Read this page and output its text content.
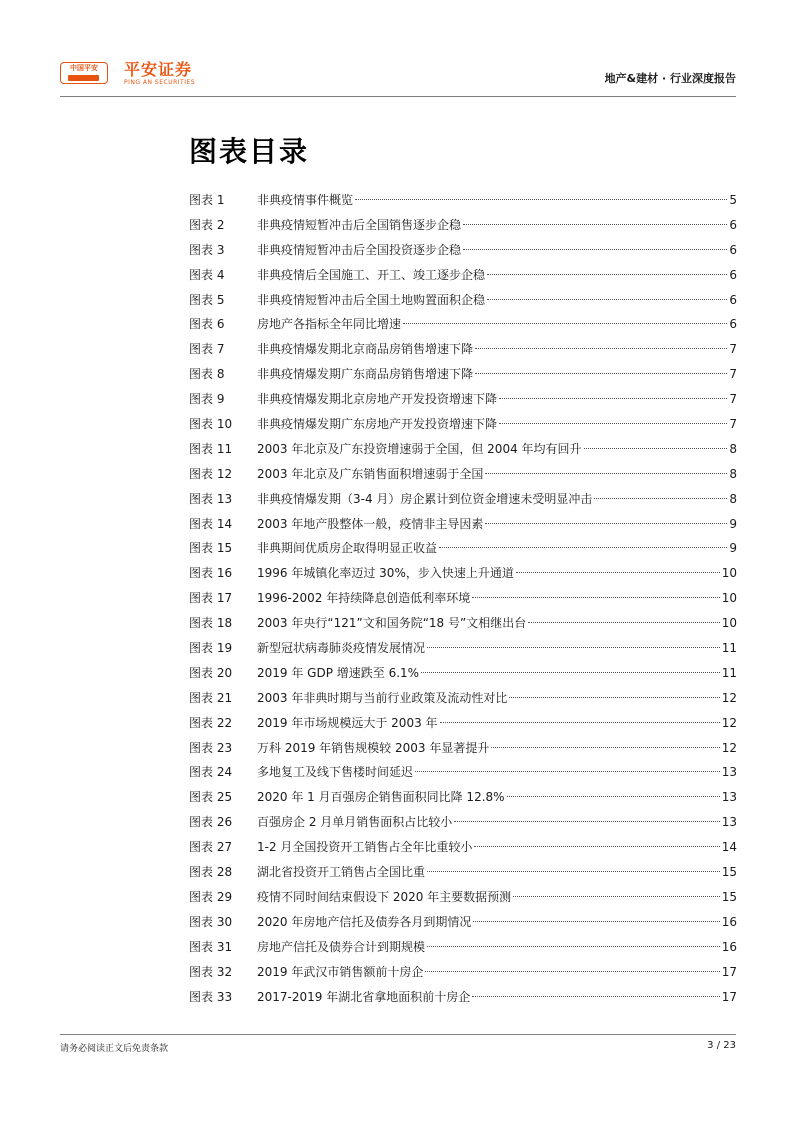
中国平安	平安证券
PING AN SECURITIES	地产&建材 · 行业深度报告
图表目录
图表 1	非典疫情事件概览	5
图表 2	非典疫情短暂冲击后全国销售逐步企稳	6
图表 3	非典疫情短暂冲击后全国投资逐步企稳	6
图表 4	非典疫情后全国施工、开工、竣工逐步企稳	6
图表 5	非典疫情短暂冲击后全国土地购置面积企稳	6
图表 6	房地产各指标全年同比增速	6
图表 7	非典疫情爆发期北京商品房销售增速下降	7
图表 8	非典疫情爆发期广东商品房销售增速下降	7
图表 9	非典疫情爆发期北京房地产开发投资增速下降	7
图表 10	非典疫情爆发期广东房地产开发投资增速下降	7
图表 11	2003 年北京及广东投资增速弱于全国，但 2004 年均有回升	8
图表 12	2003 年北京及广东销售面积增速弱于全国	8
图表 13	非典疫情爆发期（3-4 月）房企累计到位资金增速未受明显冲击	8
图表 14	2003 年地产股整体一般，疫情非主导因素	9
图表 15	非典期间优质房企取得明显正收益	9
图表 16	1996 年城镇化率迈过 30%，步入快速上升通道	10
图表 17	1996-2002 年持续降息创造低利率环境	10
图表 18	2003 年央行“121”文和国务院“18 号”文相继出台	10
图表 19	新型冠状病毒肺炎疫情发展情况	11
图表 20	2019 年 GDP 增速跌至 6.1%	11
图表 21	2003 年非典时期与当前行业政策及流动性对比	12
图表 22	2019 年市场规模远大于 2003 年	12
图表 23	万科 2019 年销售规模较 2003 年显著提升	12
图表 24	多地复工及线下售楼时间延迟	13
图表 25	2020 年 1 月百强房企销售面积同比降 12.8%	13
图表 26	百强房企 2 月单月销售面积占比较小	13
图表 27	1-2 月全国投资开工销售占全年比重较小	14
图表 28	湖北省投资开工销售占全国比重	15
图表 29	疫情不同时间结束假设下 2020 年主要数据预测	15
图表 30	2020 年房地产信托及债券各月到期情况	16
图表 31	房地产信托及债券合计到期规模	16
图表 32	2019 年武汉市销售额前十房企	17
图表 33	2017-2019 年湖北省拿地面积前十房企	17
请务必阅读正文后免责条款	3 / 23
